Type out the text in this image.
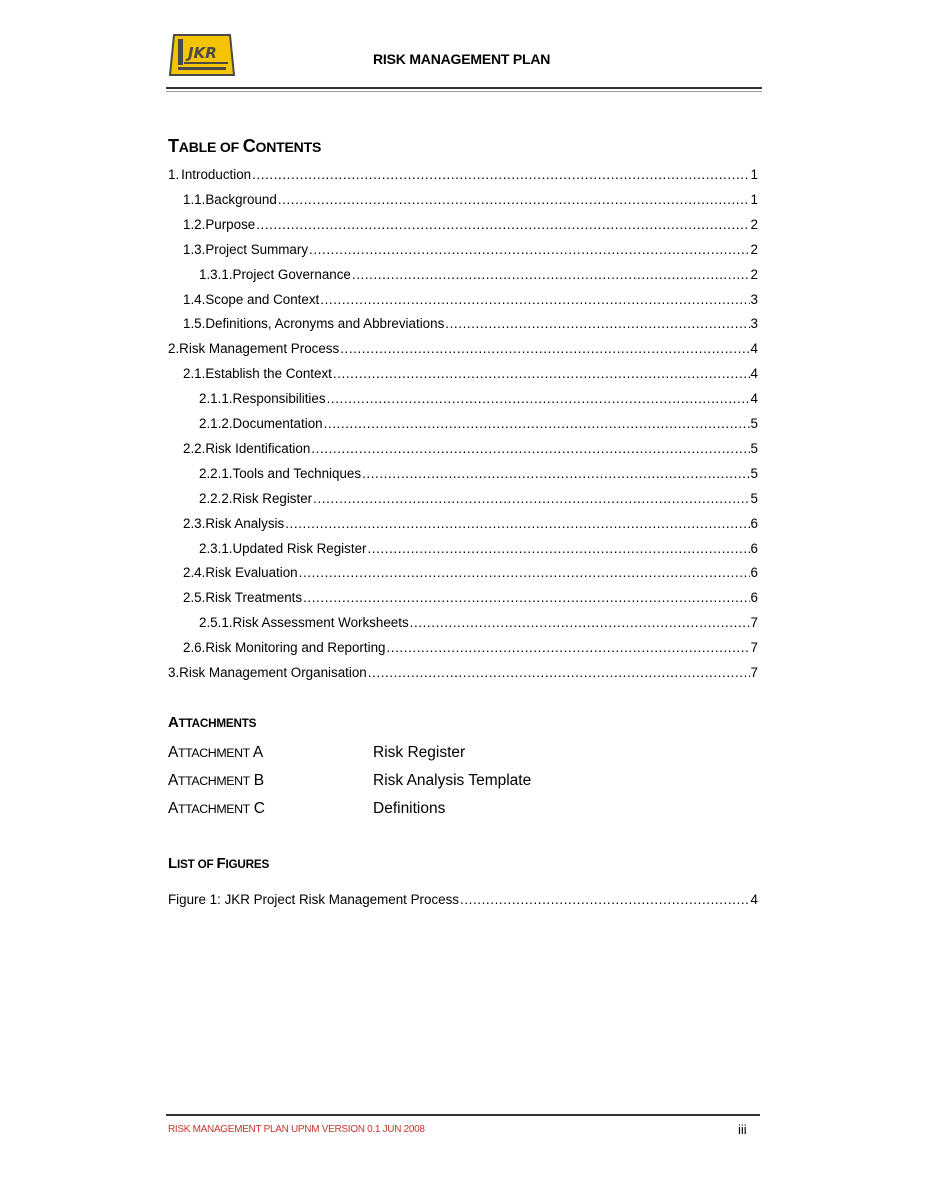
JKR	RISK MANAGEMENT PLAN
TABLE OF CONTENTS
1. Introduction .....	1
1.1. Background .....	1
1.2. Purpose .....	2
1.3. Project Summary .....	2
1.3.1. Project Governance .....	2
1.4. Scope and Context .....	3
1.5. Definitions, Acronyms and Abbreviations .....	3
2. Risk Management Process .....	4
2.1. Establish the Context .....	4
2.1.1. Responsibilities .....	4
2.1.2. Documentation .....	5
2.2. Risk Identification .....	5
2.2.1. Tools and Techniques .....	5
2.2.2. Risk Register .....	5
2.3. Risk Analysis .....	6
2.3.1. Updated Risk Register .....	6
2.4. Risk Evaluation .....	6
2.5. Risk Treatments .....	6
2.5.1. Risk Assessment Worksheets .....	7
2.6. Risk Monitoring and Reporting .....	7
3. Risk Management Organisation .....	7
ATTACHMENTS
ATTACHMENT A	Risk Register
ATTACHMENT B	Risk Analysis Template
ATTACHMENT C	Definitions
LIST OF FIGURES
Figure 1: JKR Project Risk Management Process .....	4
RISK MANAGEMENT PLAN UPNM VERSION 0.1 JUN 2008	iii
